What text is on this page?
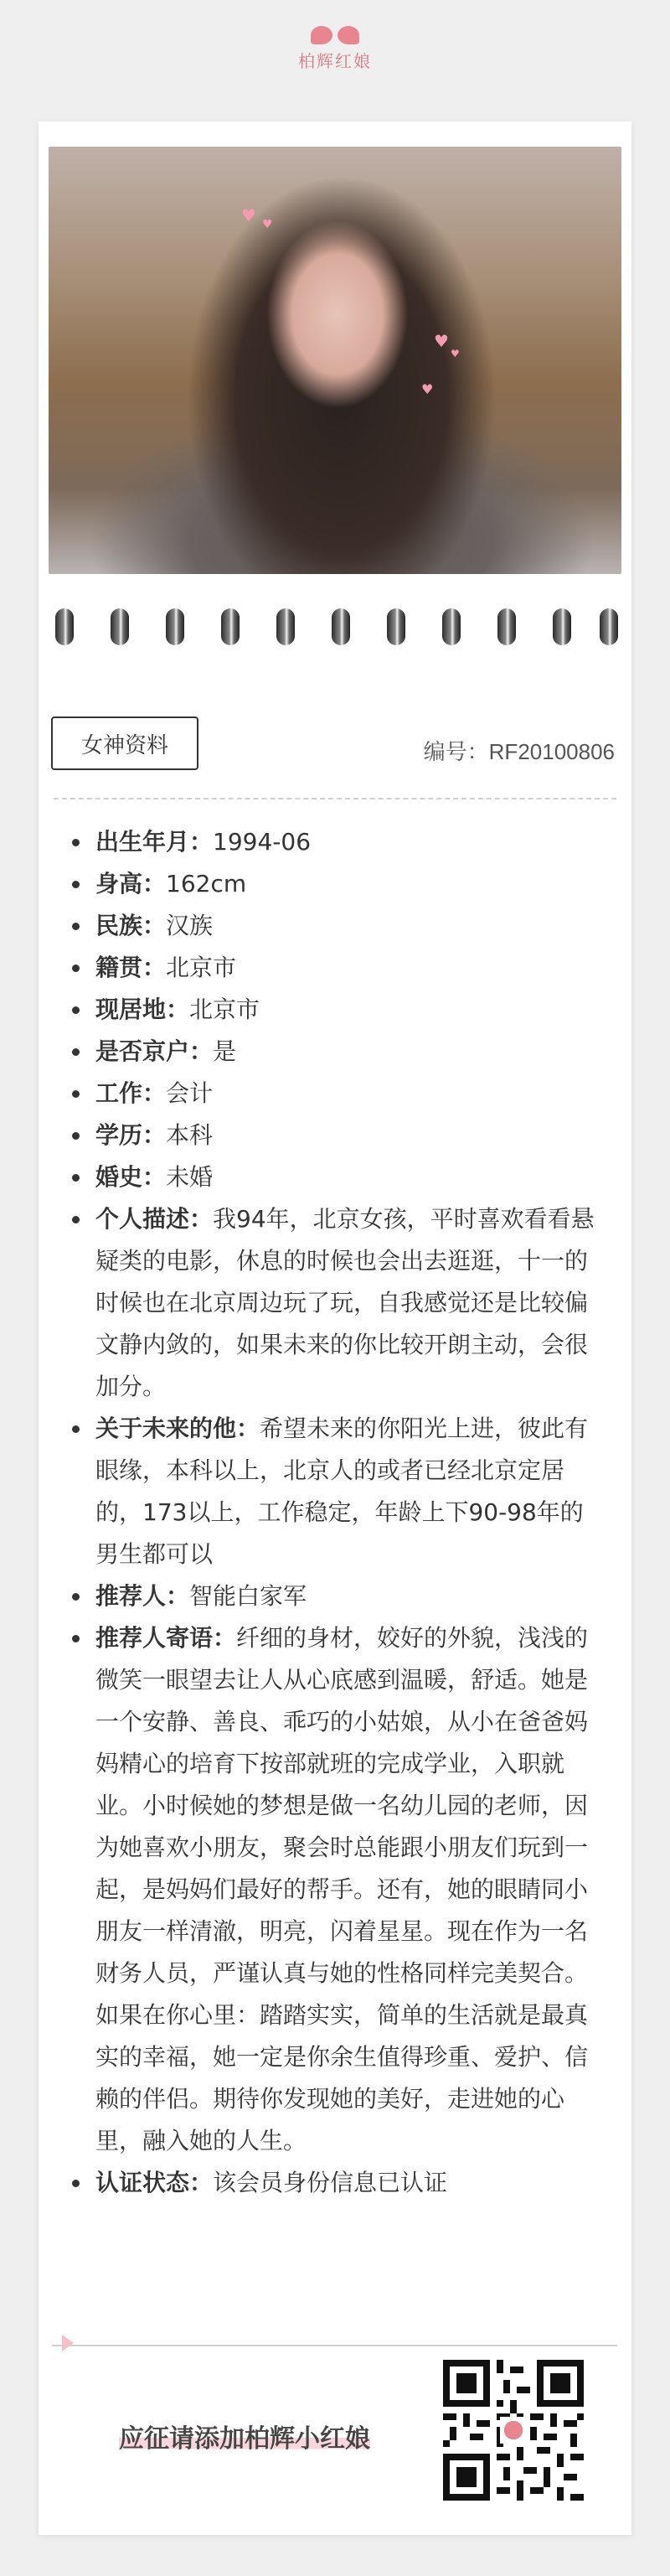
柏辉红娘
♥ ♥
♥
♥
♥
女神资料	编号：RF20100806
• 出生年月：1994-06
• 身高：162cm
• 民族：汉族
• 籍贯：北京市
• 现居地：北京市
• 是否京户：是
• 工作：会计
• 学历：本科
• 婚史：未婚
• 个人描述：我94年，北京女孩，平时喜欢看看悬疑类的电影，休息的时候也会出去逛逛，十一的时候也在北京周边玩了玩，自我感觉还是比较偏文静内敛的，如果未来的你比较开朗主动，会很加分。
• 关于未来的他：希望未来的你阳光上进，彼此有眼缘，本科以上，北京人的或者已经北京定居的，173以上，工作稳定，年龄上下90-98年的男生都可以
• 推荐人：智能白家军
• 推荐人寄语：纤细的身材，姣好的外貌，浅浅的微笑一眼望去让人从心底感到温暖，舒适。她是一个安静、善良、乖巧的小姑娘，从小在爸爸妈妈精心的培育下按部就班的完成学业，入职就业。小时候她的梦想是做一名幼儿园的老师，因为她喜欢小朋友，聚会时总能跟小朋友们玩到一起，是妈妈们最好的帮手。还有，她的眼睛同小朋友一样清澈，明亮，闪着星星。现在作为一名财务人员，严谨认真与她的性格同样完美契合。如果在你心里：踏踏实实，简单的生活就是最真实的幸福，她一定是你余生值得珍重、爱护、信赖的伴侣。期待你发现她的美好，走进她的心里，融入她的人生。
• 认证状态：该会员身份信息已认证
应征请添加柏辉小红娘
